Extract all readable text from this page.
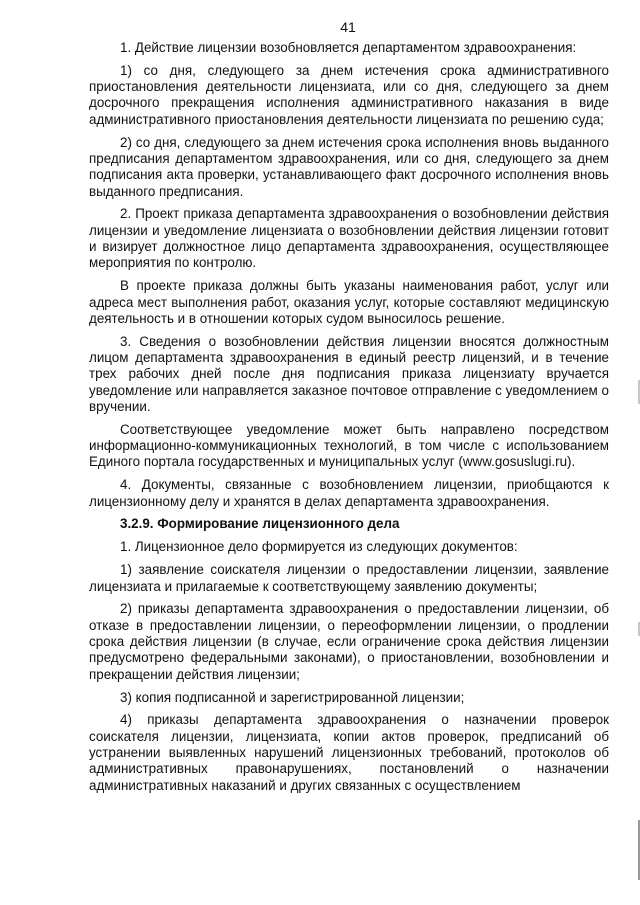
41

1. Действие лицензии возобновляется департаментом здравоохранения:

1) со дня, следующего за днем истечения срока административного приостановления деятельности лицензиата, или со дня, следующего за днем досрочного прекращения исполнения административного наказания в виде административного приостановления деятельности лицензиата по решению суда;

2) со дня, следующего за днем истечения срока исполнения вновь выданного предписания департаментом здравоохранения, или со дня, следующего за днем подписания акта проверки, устанавливающего факт досрочного исполнения вновь выданного предписания.

2. Проект приказа департамента здравоохранения о возобновлении действия лицензии и уведомление лицензиата о возобновлении действия лицензии готовит и визирует должностное лицо департамента здравоохранения, осуществляющее мероприятия по контролю.

В проекте приказа должны быть указаны наименования работ, услуг или адреса мест выполнения работ, оказания услуг, которые составляют медицинскую деятельность и в отношении которых судом выносилось решение.

3. Сведения о возобновлении действия лицензии вносятся должностным лицом департамента здравоохранения в единый реестр лицензий, и в течение трех рабочих дней после дня подписания приказа лицензиату вручается уведомление или направляется заказное почтовое отправление с уведомлением о вручении.

Соответствующее уведомление может быть направлено посредством информационно-коммуникационных технологий, в том числе с использованием Единого портала государственных и муниципальных услуг (www.gosuslugi.ru).

4. Документы, связанные с возобновлением лицензии, приобщаются к лицензионному делу и хранятся в делах департамента здравоохранения.

3.2.9. Формирование лицензионного дела

1. Лицензионное дело формируется из следующих документов:

1) заявление соискателя лицензии о предоставлении лицензии, заявление лицензиата и прилагаемые к соответствующему заявлению документы;

2) приказы департамента здравоохранения о предоставлении лицензии, об отказе в предоставлении лицензии, о переоформлении лицензии, о продлении срока действия лицензии (в случае, если ограничение срока действия лицензии предусмотрено федеральными законами), о приостановлении, возобновлении и прекращении действия лицензии;

3) копия подписанной и зарегистрированной лицензии;

4) приказы департамента здравоохранения о назначении проверок соискателя лицензии, лицензиата, копии актов проверок, предписаний об устранении выявленных нарушений лицензионных требований, протоколов об административных правонарушениях, постановлений о назначении административных наказаний и других связанных с осуществлением
